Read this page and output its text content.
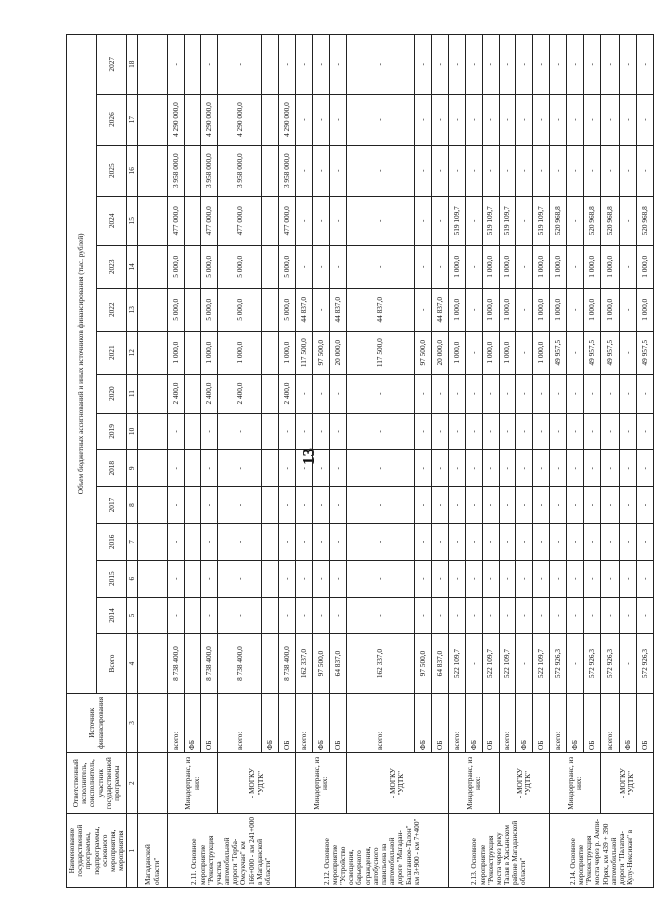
13
Наименование государственной программы, подпрограммы, основного мероприятия, мероприятия	Ответственный исполнитель, соисполнитель, участник государственной программы	Источник финансирования	Объем бюджетных ассигнований и иных источников финансирования (тыс. рублей)														
			Всего	2014	2015	2016	2017	2018	2019	2020	2021	2022	2023	2024	2025	2026	2027
1	2	3	4	5	6	7	8	9	10	11	12	13	14	15	16	17	18
Магаданской области"																	
2.11. Основное мероприятие "Реконструкция участка автомобильной дороги "Герба-Омсукчан" км 166+000 - км 241+000 в Магаданской области"	Миндортранс, из них:	всего:	8 738 400,0	-	-	-	-	-	-	2 400,0	1 000,0	5 000,0	5 000,0	477 000,0	3 958 000,0	4 290 000,0	-
		ФБ															
		ОБ	8 738 400,0	-	-	-	-	-	-	2 400,0	1 000,0	5 000,0	5 000,0	477 000,0	3 958 000,0	4 290 000,0	-
	- МОГКУ "УДТК"	всего:	8 738 400,0	-	-	-	-	-	-	2 400,0	1 000,0	5 000,0	5 000,0	477 000,0	3 958 000,0	4 290 000,0	-
		ФБ															
		ОБ	8 738 400,0	-	-	-	-	-	-	2 400,0	1 000,0	5 000,0	5 000,0	477 000,0	3 958 000,0	4 290 000,0	-
2.12. Основное мероприятие "Устройство освещения, барьерного ограждения, автобусного павильона на автомобильной дороге "Магадан-Балаганное-Талон" км 3+900 - км 7+400"	Миндортранс, из них:	всего:	162 337,0	-	-	-	-	-	-	-	117 500,0	44 837,0	-	-	-	-	-
		ФБ	97 500,0	-	-	-	-	-	-	-	97 500,0	-	-	-	-	-	-
		ОБ	64 837,0	-	-	-	-	-	-	-	20 000,0	44 837,0	-	-	-	-	-
	- МОГКУ "УДТК"	всего:	162 337,0	-	-	-	-	-	-	-	117 500,0	44 837,0	-	-	-	-	-
		ФБ	97 500,0	-	-	-	-	-	-	-	97 500,0	-	-	-	-	-	-
		ОБ	64 837,0	-	-	-	-	-	-	-	20 000,0	44 837,0	-	-	-	-	-
2.13. Основное мероприятие "Реконструкция моста через реку Талая в Хасынском районе Магаданской области"	Миндортранс, из них:	всего:	522 109,7	-	-	-	-	-	-	-	1 000,0	1 000,0	1 000,0	519 109,7	-	-	-
		ФБ	-	-	-	-	-	-	-	-	-	-	-	-	-	-	-
		ОБ	522 109,7	-	-	-	-	-	-	-	1 000,0	1 000,0	1 000,0	519 109,7	-	-	-
	- МОГКУ "УДТК"	всего:	522 109,7	-	-	-	-	-	-	-	1 000,0	1 000,0	1 000,0	519 109,7	-	-	-
		ФБ	-	-	-	-	-	-	-	-	-	-	-	-	-	-	-
		ОБ	522 109,7	-	-	-	-	-	-	-	1 000,0	1 000,0	1 000,0	519 109,7	-	-	-
2.14. Основное мероприятие "Реконструкция моста через р. Ампи-Юрях, км 439 + 390 автомобильной дороги "Палатка-Кулу-Нексикан" в	Миндортранс, из них:	всего:	572 926,3	-	-	-	-	-	-	-	49 957,5	1 000,0	1 000,0	520 968,8	-	-	-
		ФБ	-	-	-	-	-	-	-	-	-	-	-	-	-	-	-
		ОБ	572 926,3	-	-	-	-	-	-	-	49 957,5	1 000,0	1 000,0	520 968,8	-	-	-
	- МОГКУ "УДТК"	всего:	572 926,3	-	-	-	-	-	-	-	49 957,5	1 000,0	1 000,0	520 968,8	-	-	-
		ФБ	-	-	-	-	-	-	-	-	-	-	-	-	-	-	-
		ОБ	572 926,3	-	-	-	-	-	-	-	49 957,5	1 000,0	1 000,0	520 968,8	-	-	-
